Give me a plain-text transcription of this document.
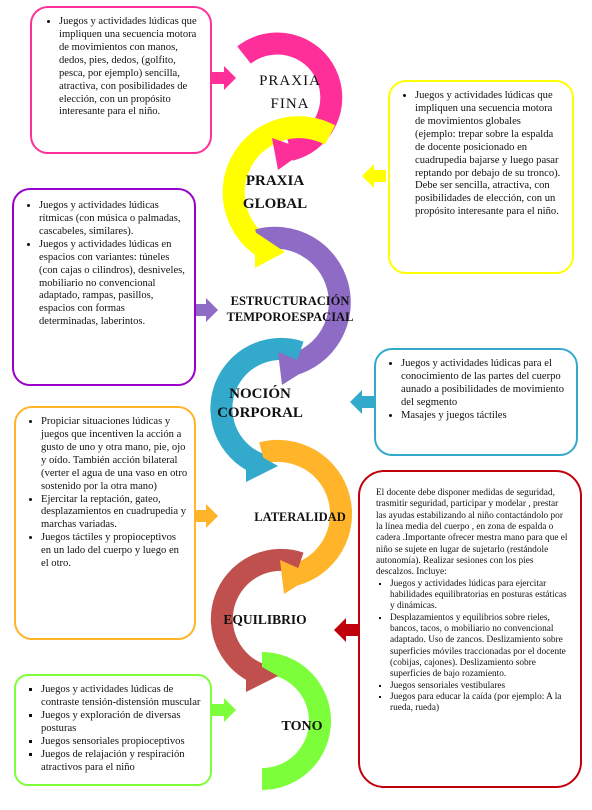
PRAXIA
FINA
PRAXIA
GLOBAL
ESTRUCTURACIÓN
TEMPOROESPACIAL
NOCIÓN
CORPORAL
LATERALIDAD
EQUILIBRIO
TONO
• Juegos y actividades lúdicas que impliquen una secuencia motora de movimientos con manos, dedos, pies, dedos, (golfito, pesca, por ejemplo) sencilla, atractiva, con posibilidades de elección, con un propósito interesante para el niño.
• Juegos y actividades lúdicas que impliquen una secuencia motora de movimientos globales (ejemplo: trepar sobre la espalda de docente posicionado en cuadrupedia bajarse y luego pasar reptando por debajo de su tronco). Debe ser sencilla, atractiva, con posibilidades de elección, con un propósito interesante para el niño.
• Juegos y actividades lúdicas rítmicas (con música o palmadas, cascabeles, similares).
• Juegos y actividades lúdicas en espacios con variantes: túneles (con cajas o cilindros), desniveles, mobiliario no convencional adaptado, rampas, pasillos, espacios con formas determinadas, laberintos.
• Juegos y actividades lúdicas para el conocimiento de las partes del cuerpo aunado a posibilidades de movimiento del segmento
• Masajes y juegos táctiles
• Propiciar situaciones lúdicas y juegos que incentiven la acción a gusto de uno y otra mano, pie, ojo y oído. También acción bilateral (verter el agua de una vaso en otro sostenido por la otra mano)
• Ejercitar la reptación, gateo, desplazamientos en cuadrupedia y marchas variadas.
• Juegos táctiles y propioceptivos en un lado del cuerpo y luego en el otro.

El docente debe disponer medidas de seguridad, trasmitir seguridad, participar y modelar , prestar las ayudas estabilizando al niño contactándolo por la línea media del cuerpo , en zona de espalda o cadera .Importante ofrecer mestra mano para que el niño se sujete en lugar de sujetarlo (restándole autonomía). Realizar sesiones con los pies descalzos. Incluye:

▪ Juegos y actividades lúdicas para ejercitar habilidades equilibratorias en posturas estáticas y dinámicas.
▪ Desplazamientos y equilibrios sobre rieles, bancos, tacos, o mobiliario no convencional adaptado. Uso de zancos. Deslizamiento sobre superficies móviles traccionadas por el docente (cobijas, cajones). Deslizamiento sobre superficies de bajo rozamiento.
▪ Juegos sensoriales vestibulares
▪ Juegos para educar la caída (por ejemplo: A la rueda, rueda)
▪ Juegos y actividades lúdicas de contraste tensión-distensión muscular
▪ Juegos y exploración de diversas posturas
▪ Juegos sensoriales propioceptivos
▪ Juegos de relajación y respiración atractivos para el niño
